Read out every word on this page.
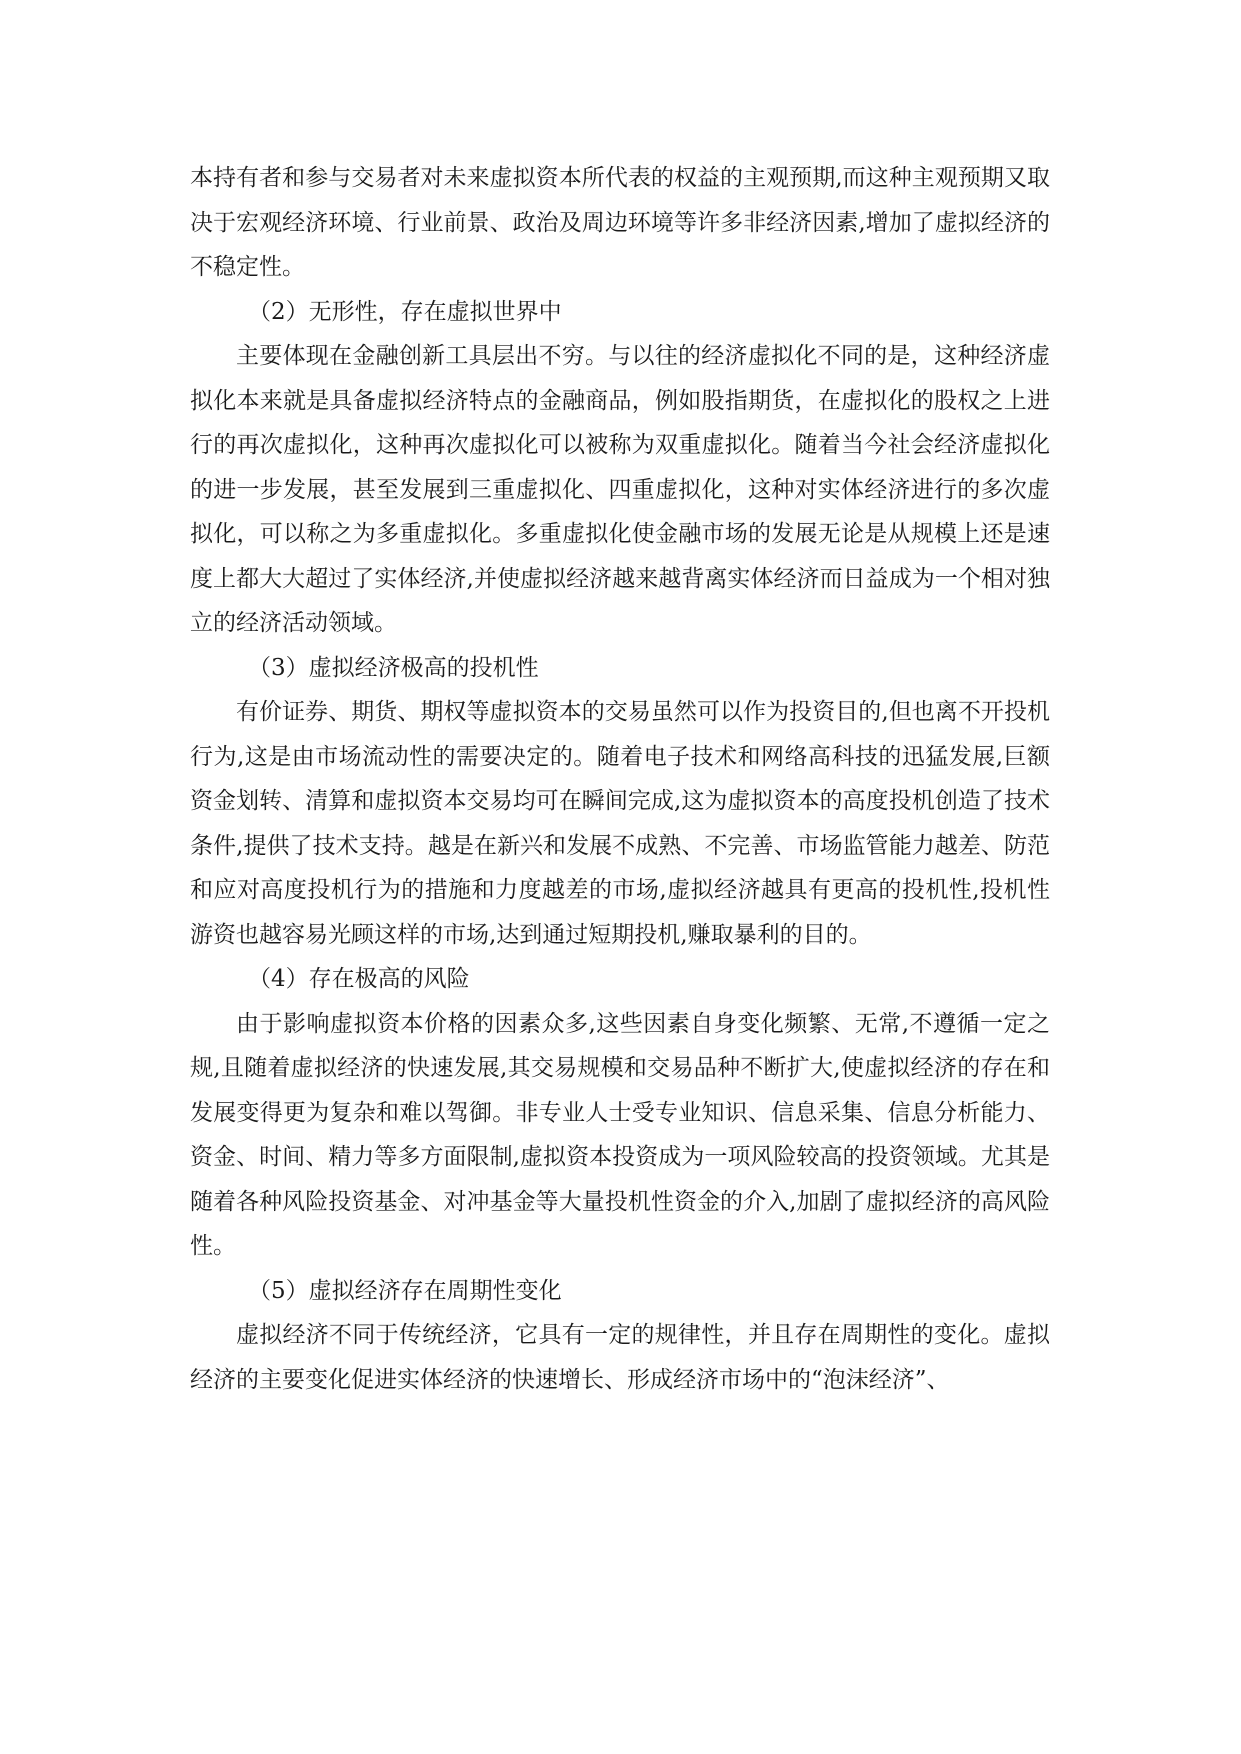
本持有者和参与交易者对未来虚拟资本所代表的权益的主观预期,而这种主观预期又取决于宏观经济环境、行业前景、政治及周边环境等许多非经济因素,增加了虚拟经济的不稳定性。

（2）无形性，存在虚拟世界中

主要体现在金融创新工具层出不穷。与以往的经济虚拟化不同的是，这种经济虚拟化本来就是具备虚拟经济特点的金融商品，例如股指期货，在虚拟化的股权之上进行的再次虚拟化，这种再次虚拟化可以被称为双重虚拟化。随着当今社会经济虚拟化的进一步发展，甚至发展到三重虚拟化、四重虚拟化，这种对实体经济进行的多次虚拟化，可以称之为多重虚拟化。多重虚拟化使金融市场的发展无论是从规模上还是速度上都大大超过了实体经济,并使虚拟经济越来越背离实体经济而日益成为一个相对独立的经济活动领域。

（3）虚拟经济极高的投机性

有价证券、期货、期权等虚拟资本的交易虽然可以作为投资目的,但也离不开投机行为,这是由市场流动性的需要决定的。随着电子技术和网络高科技的迅猛发展,巨额资金划转、清算和虚拟资本交易均可在瞬间完成,这为虚拟资本的高度投机创造了技术条件,提供了技术支持。越是在新兴和发展不成熟、不完善、市场监管能力越差、防范和应对高度投机行为的措施和力度越差的市场,虚拟经济越具有更高的投机性,投机性游资也越容易光顾这样的市场,达到通过短期投机,赚取暴利的目的。

（4）存在极高的风险

由于影响虚拟资本价格的因素众多,这些因素自身变化频繁、无常,不遵循一定之规,且随着虚拟经济的快速发展,其交易规模和交易品种不断扩大,使虚拟经济的存在和发展变得更为复杂和难以驾御。非专业人士受专业知识、信息采集、信息分析能力、资金、时间、精力等多方面限制,虚拟资本投资成为一项风险较高的投资领域。尤其是随着各种风险投资基金、对冲基金等大量投机性资金的介入,加剧了虚拟经济的高风险性。

（5）虚拟经济存在周期性变化

虚拟经济不同于传统经济，它具有一定的规律性，并且存在周期性的变化。虚拟经济的主要变化促进实体经济的快速增长、形成经济市场中的“泡沫经济”、
